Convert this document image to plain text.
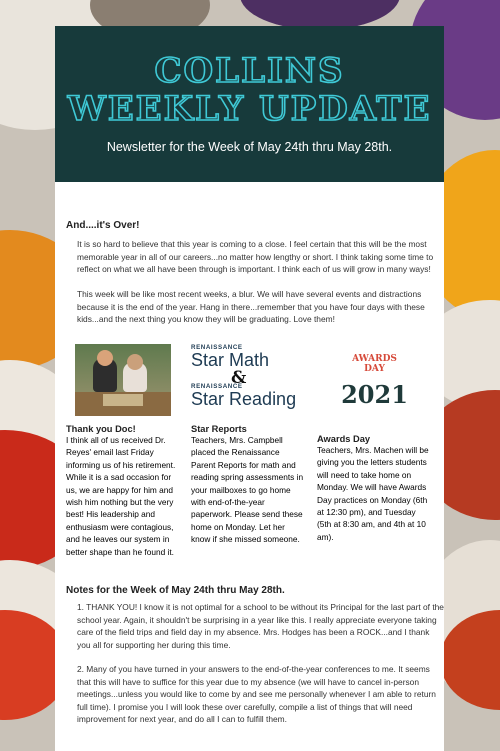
COLLINS
WEEKLY UPDATE
Newsletter for the Week of May 24th thru May 28th.
And....it's Over!

It is so hard to believe that this year is coming to a close. I feel certain that this will be the most memorable year in all of our careers...no matter how lengthy or short. I think taking some time to reflect on what we all have been through is important. I think each of us will grow in many ways!

This week will be like most recent weeks, a blur. We will have several events and distractions because it is the end of the year. Hang in there...remember that you have four days with these kids...and the next thing you know they will be graduating. Love them!

Thank you Doc!

I think all of us received Dr. Reyes' email last Friday informing us of his retirement. While it is a sad occasion for us, we are happy for him and wish him nothing but the very best! His leadership and enthusiasm were contagious, and he leaves our system in better shape than he found it.

RENAISSANCE
Star Math
&
RENAISSANCE
Star Reading
Star Reports

Teachers, Mrs. Campbell placed the Renaissance Parent Reports for math and reading spring assessments in your mailboxes to go home with end-of-the-year paperwork. Please send these home on Monday. Let her know if she missed someone.

AWARDS
DAY
2021
Awards Day

Teachers, Mrs. Machen will be giving you the letters students will need to take home on Monday. We will have Awards Day practices on Monday (6th at 12:30 pm), and Tuesday (5th at 8:30 am, and 4th at 10 am).

Notes for the Week of May 24th thru May 28th.

1. THANK YOU! I know it is not optimal for a school to be without its Principal for the last part of the school year. Again, it shouldn't be surprising in a year like this. I really appreciate everyone taking care of the field trips and field day in my absence. Mrs. Hodges has been a ROCK...and I thank you all for supporting her during this time.

2. Many of you have turned in your answers to the end-of-the-year conferences to me. It seems that this will have to suffice for this year due to my absence (we will have to cancel in-person meetings...unless you would like to come by and see me personally whenever I am able to return full time). I promise you I will look these over carefully, compile a list of things that will need improvement for next year, and do all I can to fulfill them.
